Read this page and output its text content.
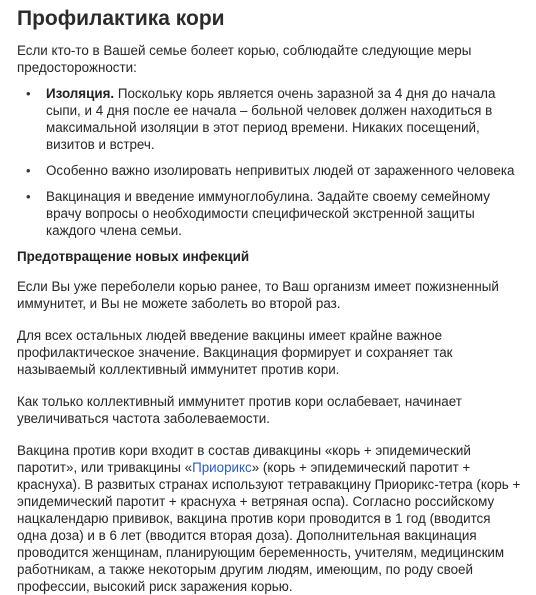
Профилактика кори

Если кто-то в Вашей семье болеет корью, соблюдайте следующие меры предосторожности:

• Изоляция. Поскольку корь является очень заразной за 4 дня до начала сыпи, и 4 дня после ее начала – больной человек должен находиться в максимальной изоляции в этот период времени. Никаких посещений, визитов и встреч.
• Особенно важно изолировать непривитых людей от зараженного человека
• Вакцинация и введение иммуноглобулина. Задайте своему семейному врачу вопросы о необходимости специфической экстренной защиты каждого члена семьи.
Предотвращение новых инфекций

Если Вы уже переболели корью ранее, то Ваш организм имеет пожизненный иммунитет, и Вы не можете заболеть во второй раз.

Для всех остальных людей введение вакцины имеет крайне важное профилактическое значение. Вакцинация формирует и сохраняет так называемый коллективный иммунитет против кори.

Как только коллективный иммунитет против кори ослабевает, начинает увеличиваться частота заболеваемости.

Вакцина против кори входит в состав дивакцины «корь + эпидемический паротит», или тривакцины «Приорикс» (корь + эпидемический паротит + краснуха). В развитых странах используют тетравакцину Приорикс-тетра (корь + эпидемический паротит + краснуха + ветряная оспа). Согласно российскому нацкалендарю прививок, вакцина против кори проводится в 1 год (вводится одна доза) и в 6 лет (вводится вторая доза). Дополнительная вакцинация проводится женщинам, планирующим беременность, учителям, медицинским работникам, а также некоторым другим людям, имеющим, по роду своей профессии, высокий риск заражения корью.
